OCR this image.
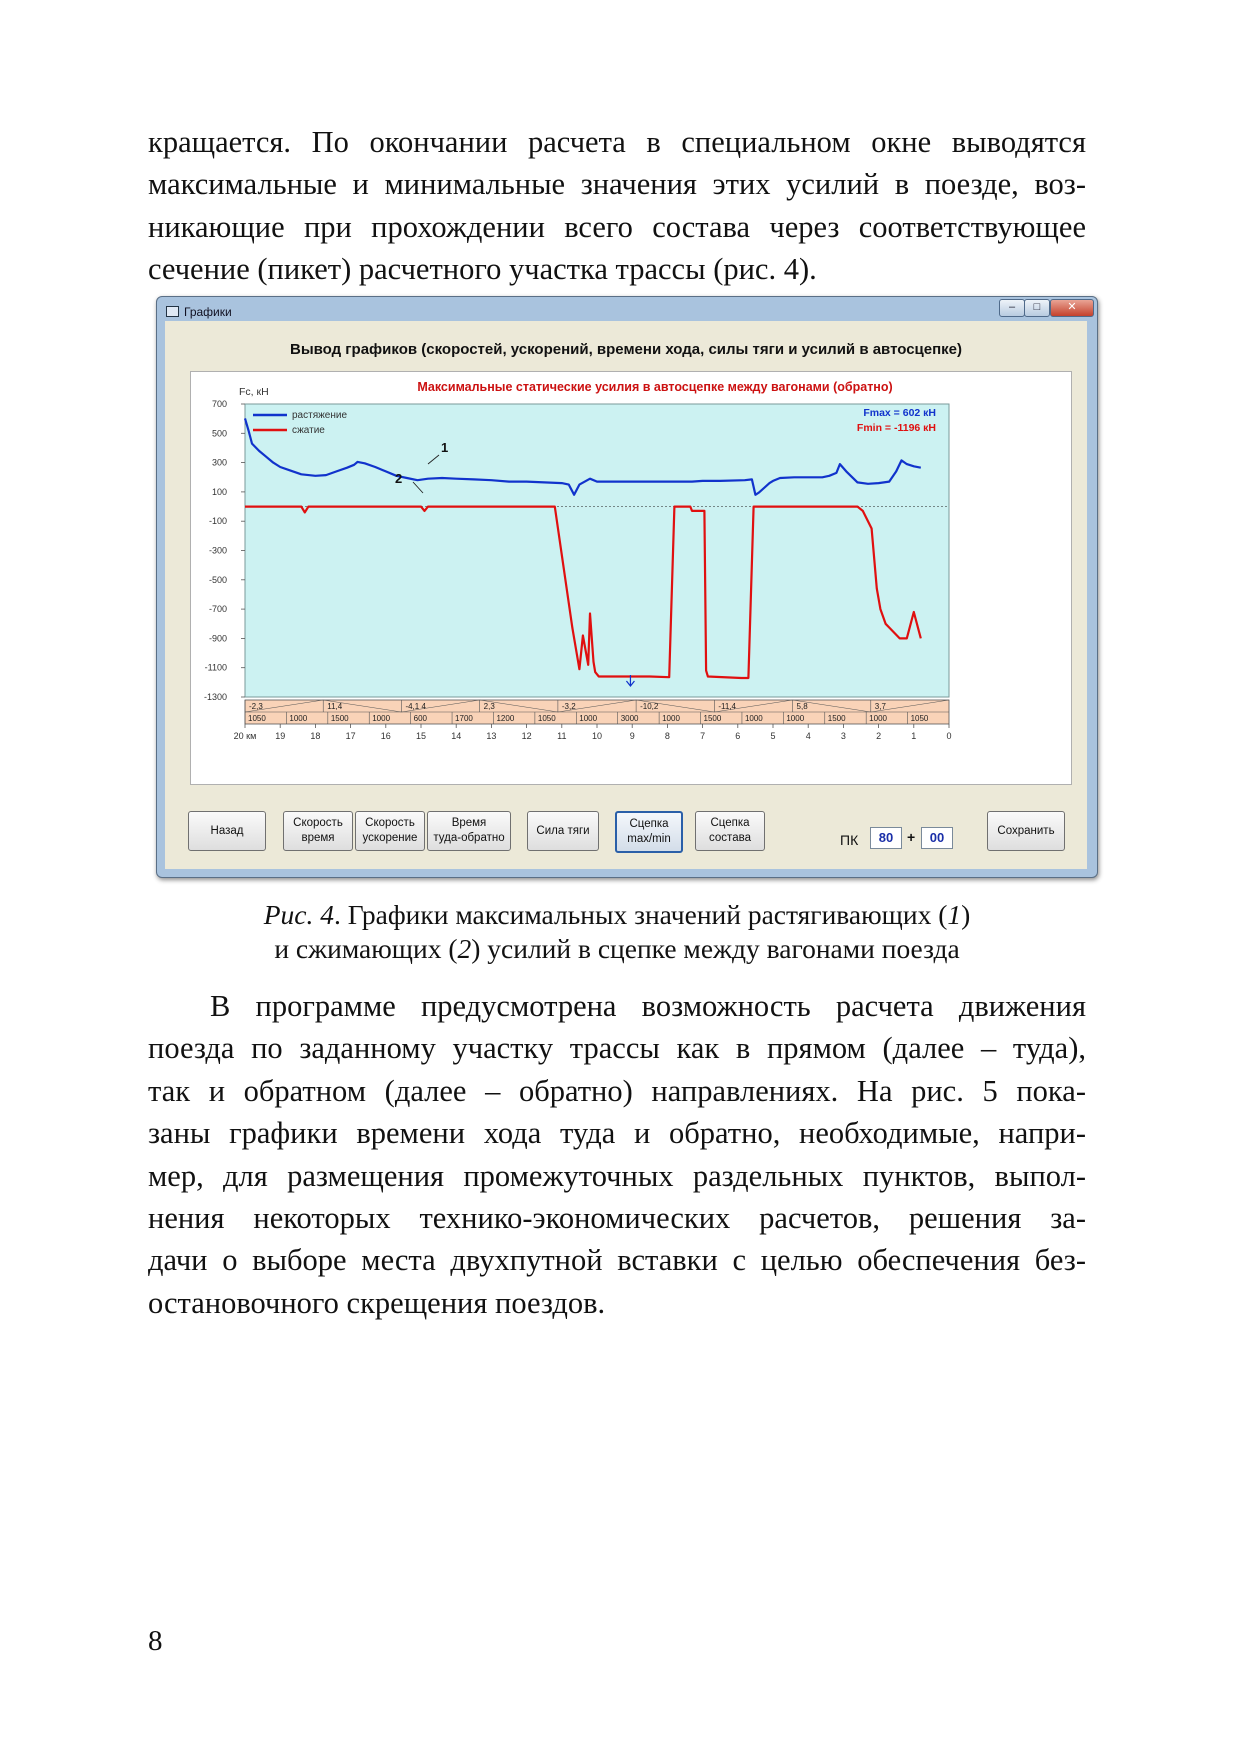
кращается. По окончании расчета в специальном окне выводятся
максимальные и минимальные значения этих усилий в поезде, воз-
никающие при прохождении всего состава через соответствующее
сечение (пикет) расчетного участка трассы (рис. 4).
Графики	–	□	✕
Вывод графиков (скоростей, ускорений, времени хода, силы тяги и усилий в автосцепке)
700
500
300
100
-100
-300
-500
-700
-900
-1100
-1300
-2,3	11,4	-4,1 4	2,3	-3,2	-10,2	-11,4	5,8	3,7
1050	1000	1500	1000	600	1700	1200	1050	1000	3000	1000	1500	1000	1000	1500	1000	1050
20 км 19	18	17	16	15	14	13	12	11	10	9	8	7	6	5	4	3	2	1	0
Максимальные статические усилия в автосцепке между вагонами (обратно)
Fc, кН
растяжение
сжатие
Fmax = 602 кН
Fmin = -1196 кН
1
2
Назад
Скорость
время
Скорость
ускорение
Время
туда-обратно
Сила тяги
Сцепка
max/min
Сцепка
состава	ПК	80 +	00	Сохранить
Рис. 4. Графики максимальных значений растягивающих (1)
и сжимающих (2) усилий в сцепке между вагонами поезда
В программе предусмотрена возможность расчета движения
поезда по заданному участку трассы как в прямом (далее – туда),
так и обратном (далее – обратно) направлениях. На рис. 5 пока-
заны графики времени хода туда и обратно, необходимые, напри-
мер, для размещения промежуточных раздельных пунктов, выпол-
нения некоторых технико-экономических расчетов, решения за-
дачи о выборе места двухпутной вставки с целью обеспечения без-
остановочного скрещения поездов.
8
